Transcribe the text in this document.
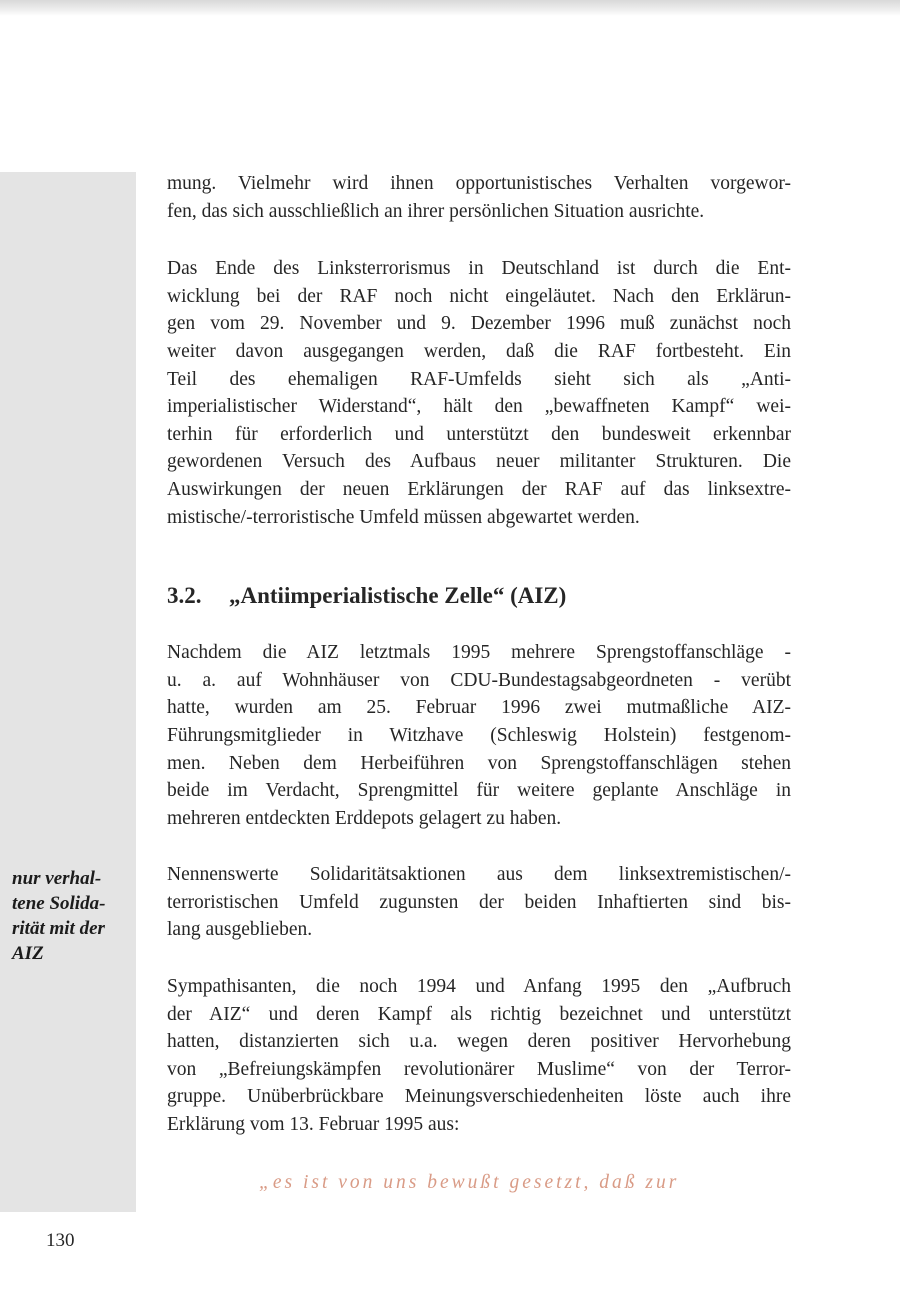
nur verhal-
tene Solida-
rität mit der
AIZ

mung. Vielmehr wird ihnen opportunistisches Verhalten vorgewor-
fen, das sich ausschließlich an ihrer persönlichen Situation ausrichte.

Das Ende des Linksterrorismus in Deutschland ist durch die Ent-
wicklung bei der RAF noch nicht eingeläutet. Nach den Erklärun-
gen vom 29. November und 9. Dezember 1996 muß zunächst noch
weiter davon ausgegangen werden, daß die RAF fortbesteht. Ein
Teil des ehemaligen RAF-Umfelds sieht sich als „Anti-
imperialistischer Widerstand“, hält den „bewaffneten Kampf“ wei-
terhin für erforderlich und unterstützt den bundesweit erkennbar
gewordenen Versuch des Aufbaus neuer militanter Strukturen. Die
Auswirkungen der neuen Erklärungen der RAF auf das linksextre-
mistische/-terroristische Umfeld müssen abgewartet werden.

3.2. „Antiimperialistische Zelle“ (AIZ)

Nachdem die AIZ letztmals 1995 mehrere Sprengstoffanschläge -
u. a. auf Wohnhäuser von CDU-Bundestagsabgeordneten - verübt
hatte, wurden am 25. Februar 1996 zwei mutmaßliche AIZ-
Führungsmitglieder in Witzhave (Schleswig Holstein) festgenom-
men. Neben dem Herbeiführen von Sprengstoffanschlägen stehen
beide im Verdacht, Sprengmittel für weitere geplante Anschläge in
mehreren entdeckten Erddepots gelagert zu haben.

Nennenswerte Solidaritätsaktionen aus dem linksextremistischen/-
terroristischen Umfeld zugunsten der beiden Inhaftierten sind bis-
lang ausgeblieben.

Sympathisanten, die noch 1994 und Anfang 1995 den „Aufbruch
der AIZ“ und deren Kampf als richtig bezeichnet und unterstützt
hatten, distanzierten sich u.a. wegen deren positiver Hervorhebung
von „Befreiungskämpfen revolutionärer Muslime“ von der Terror-
gruppe. Unüberbrückbare Meinungsverschiedenheiten löste auch ihre
Erklärung vom 13. Februar 1995 aus:

„es ist von uns bewußt gesetzt, daß zur
130
